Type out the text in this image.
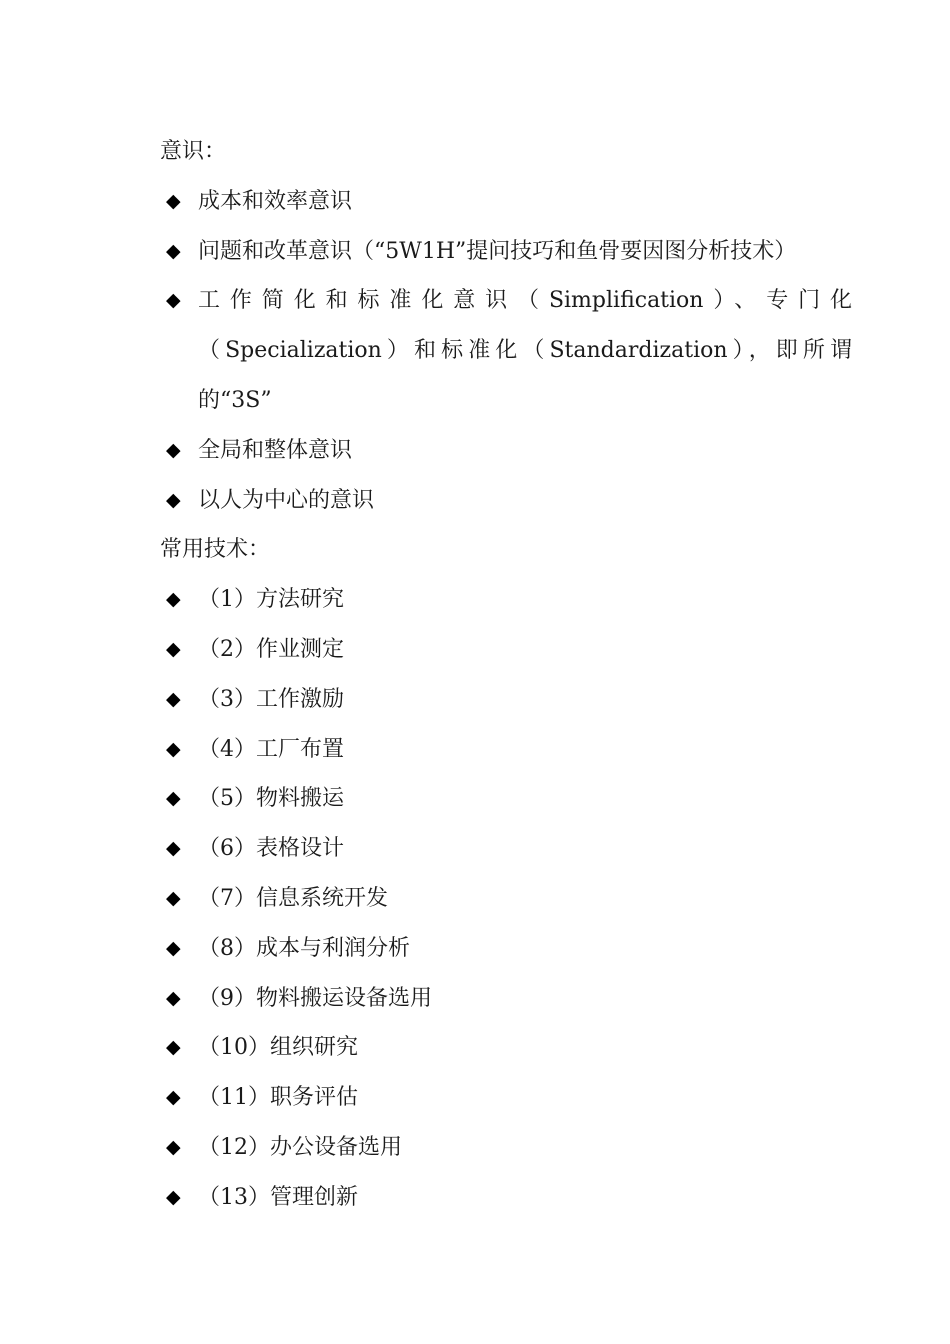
意识：
◆ 成本和效率意识
◆ 问题和改革意识（“5W1H”提问技巧和鱼骨要因图分析技术）
◆ 工作简化和标准化意识（Simplification）、专门化（Specialization）和标准化（Standardization），即所谓的“3S”
◆ 全局和整体意识
◆ 以人为中心的意识
常用技术：
◆ （1）方法研究
◆ （2）作业测定
◆ （3）工作激励
◆ （4）工厂布置
◆ （5）物料搬运
◆ （6）表格设计
◆ （7）信息系统开发
◆ （8）成本与利润分析
◆ （9）物料搬运设备选用
◆ （10）组织研究
◆ （11）职务评估
◆ （12）办公设备选用
◆ （13）管理创新
